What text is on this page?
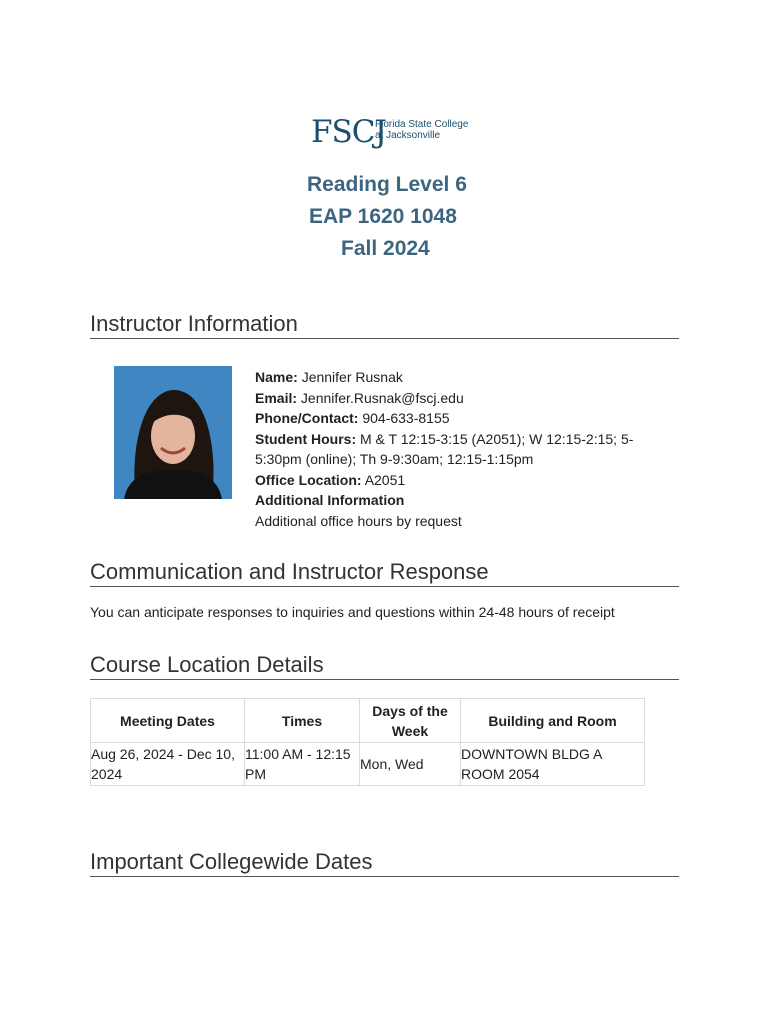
FSCJ
Florida State College
at Jacksonville
Reading Level 6
EAP 1620 1048
Fall 2024
Instructor Information
Name: Jennifer Rusnak
Email: Jennifer.Rusnak@fscj.edu
Phone/Contact: 904-633-8155
Student Hours: M & T 12:15-3:15 (A2051); W 12:15-2:15; 5-5:30pm (online); Th 9-9:30am; 12:15-1:15pm
Office Location: A2051
Additional Information
Additional office hours by request
Communication and Instructor Response
You can anticipate responses to inquiries and questions within 24-48 hours of receipt
Course Location Details
Meeting Dates	Times	Days of the Week	Building and Room
Aug 26, 2024 - Dec 10, 2024	11:00 AM - 12:15 PM	Mon, Wed	DOWNTOWN BLDG A ROOM 2054
Important Collegewide Dates
